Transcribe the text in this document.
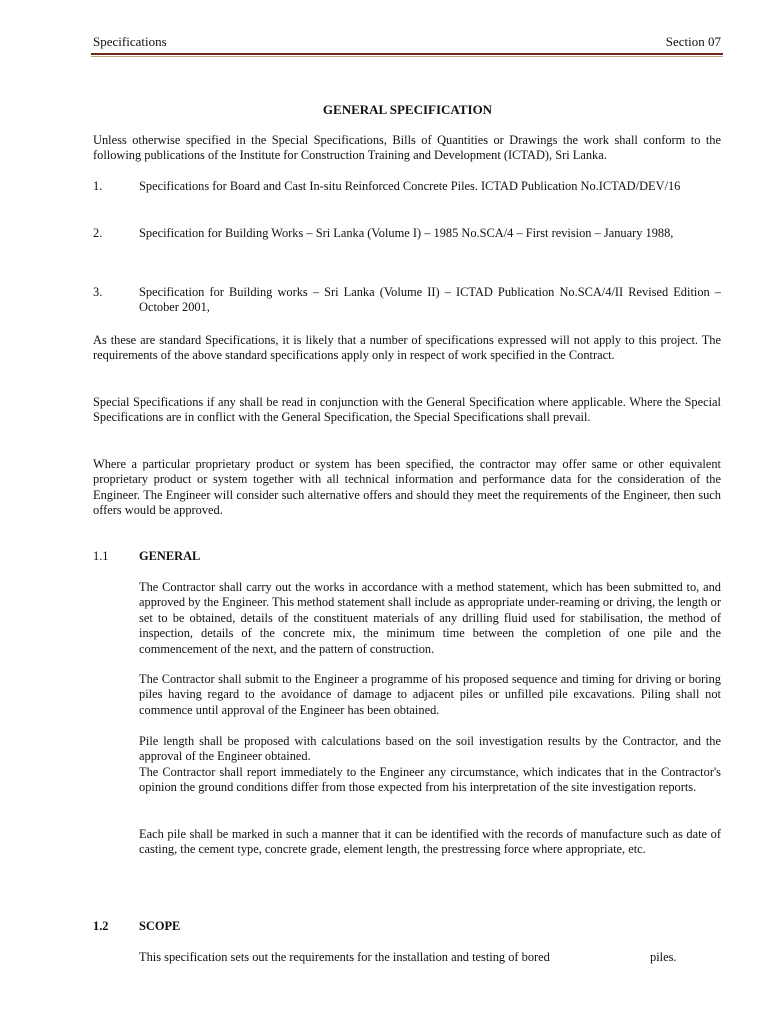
Specifications	Section 07
GENERAL SPECIFICATION
Unless otherwise specified in the Special Specifications, Bills of Quantities or Drawings the work shall conform to the following publications of the Institute for Construction Training and Development (ICTAD), Sri Lanka.
1.	Specifications for Board and Cast In-situ Reinforced Concrete Piles. ICTAD Publication No.ICTAD/DEV/16
2.	Specification for Building Works – Sri Lanka (Volume I) – 1985 No.SCA/4 – First revision – January 1988,
3.	Specification for Building works – Sri Lanka (Volume II) – ICTAD Publication No.SCA/4/II Revised Edition – October 2001,
As these are standard Specifications, it is likely that a number of specifications expressed will not apply to this project. The requirements of the above standard specifications apply only in respect of work specified in the Contract.
Special Specifications if any shall be read in conjunction with the General Specification where applicable. Where the Special Specifications are in conflict with the General Specification, the Special Specifications shall prevail.
Where a particular proprietary product or system has been specified, the contractor may offer same or other equivalent proprietary product or system together with all technical information and performance data for the consideration of the Engineer. The Engineer will consider such alternative offers and should they meet the requirements of the Engineer, then such offers would be approved.
1.1 GENERAL
The Contractor shall carry out the works in accordance with a method statement, which has been submitted to, and approved by the Engineer. This method statement shall include as appropriate under-reaming or driving, the length or set to be obtained, details of the constituent materials of any drilling fluid used for stabilisation, the method of inspection, details of the concrete mix, the minimum time between the completion of one pile and the commencement of the next, and the pattern of construction.
The Contractor shall submit to the Engineer a programme of his proposed sequence and timing for driving or boring piles having regard to the avoidance of damage to adjacent piles or unfilled pile excavations. Piling shall not commence until approval of the Engineer has been obtained.
Pile length shall be proposed with calculations based on the soil investigation results by the Contractor, and the approval of the Engineer obtained.
The Contractor shall report immediately to the Engineer any circumstance, which indicates that in the Contractor's opinion the ground conditions differ from those expected from his interpretation of the site investigation reports.
Each pile shall be marked in such a manner that it can be identified with the records of manufacture such as date of casting, the cement type, concrete grade, element length, the prestressing force where appropriate, etc.
1.2 SCOPE
This specification sets out the requirements for the installation and testing of bored	piles.
